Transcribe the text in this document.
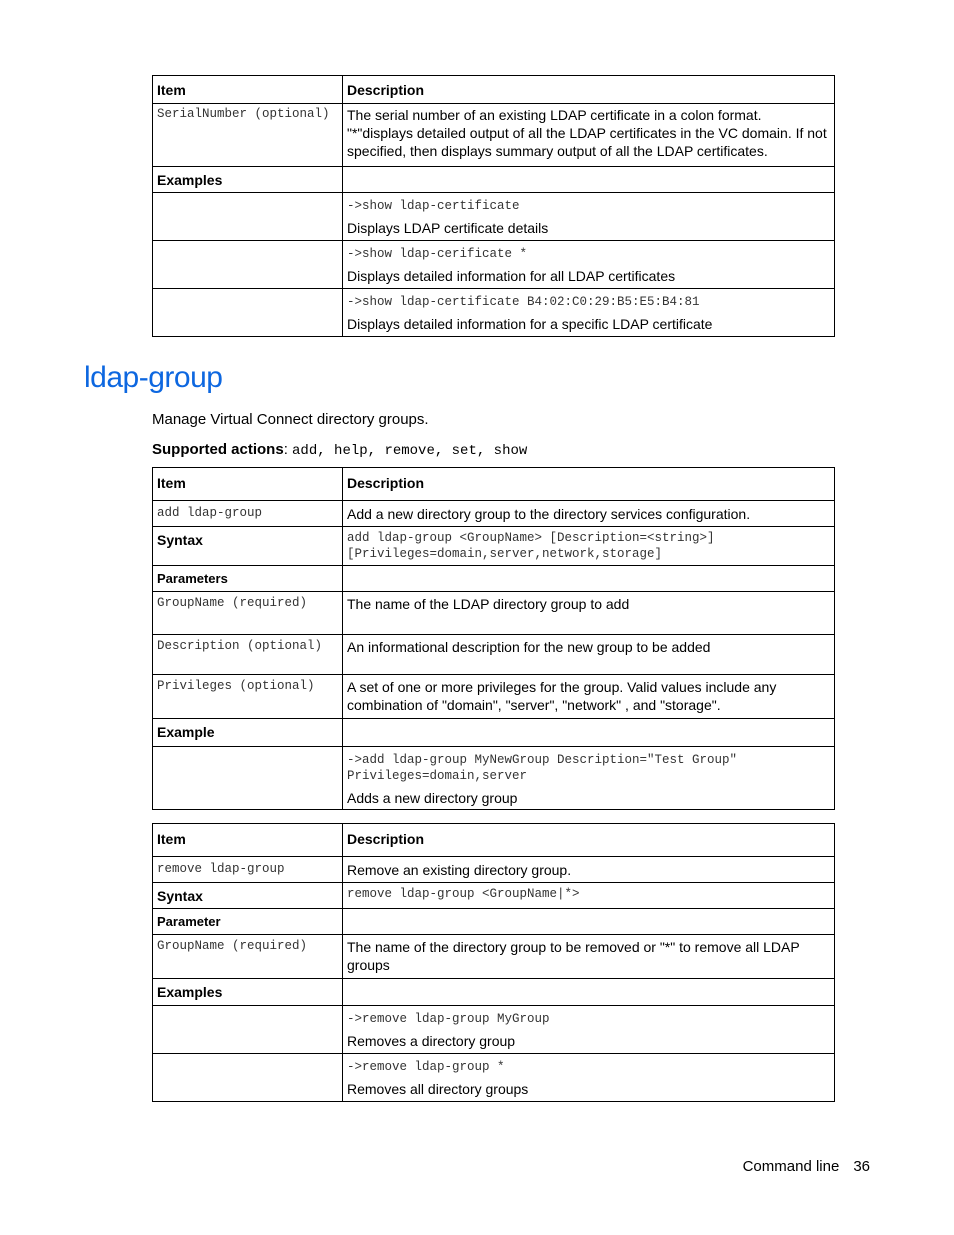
Item	Description

SerialNumber (optional)	The serial number of an existing LDAP certificate in a colon format. "*"displays detailed output of all the LDAP certificates in the VC domain. If not specified, then displays summary output of all the LDAP certificates.

Examples	

	->show ldap-certificate
Displays LDAP certificate details

	->show ldap-cerificate *
Displays detailed information for all LDAP certificates

	->show ldap-certificate B4:02:C0:29:B5:E5:B4:81
Displays detailed information for a specific LDAP certificate
ldap-group
Manage Virtual Connect directory groups.
Supported actions: add, help, remove, set, show
Item	Description

add ldap-group	Add a new directory group to the directory services configuration.

Syntax	add ldap-group <GroupName> [Description=<string>] [Privileges=domain,server,network,storage]

Parameters	

GroupName (required)	The name of the LDAP directory group to add

Description (optional)	An informational description for the new group to be added

Privileges (optional)	A set of one or more privileges for the group. Valid values include any combination of "domain", "server", "network" , and "storage".

Example	

	->add ldap-group MyNewGroup Description="Test Group" Privileges=domain,server
Adds a new directory group
Item	Description

remove ldap-group	Remove an existing directory group.

Syntax	remove ldap-group <GroupName|*>

Parameter	

GroupName (required)	The name of the directory group to be removed or "*" to remove all LDAP groups

Examples	

	->remove ldap-group MyGroup
Removes a directory group

	->remove ldap-group *
Removes all directory groups
Command line 36
